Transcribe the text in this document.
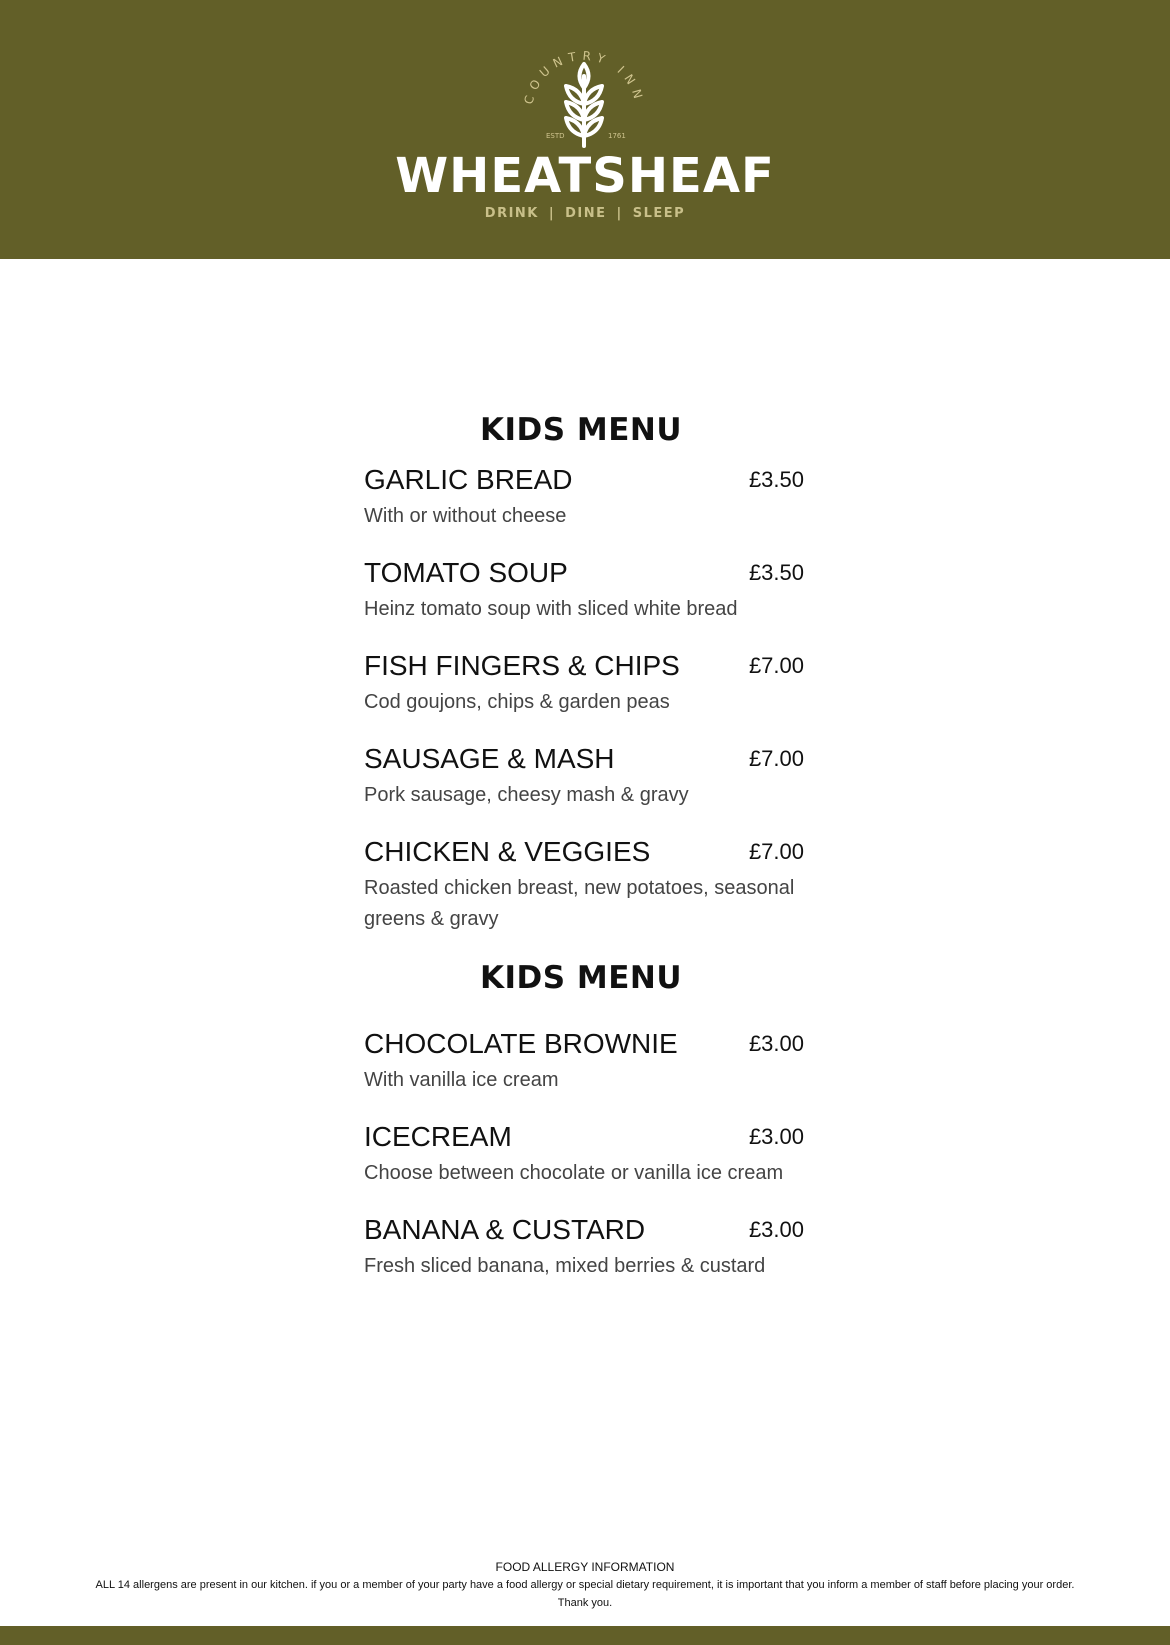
COUNTRY INN
ESTD	1761
WHEATSHEAF
DRINK | DINE | SLEEP
KIDS MENU
GARLIC BREAD	£3.50
With or without cheese
TOMATO SOUP	£3.50
Heinz tomato soup with sliced white bread
FISH FINGERS & CHIPS	£7.00
Cod goujons, chips & garden peas
SAUSAGE & MASH	£7.00
Pork sausage, cheesy mash & gravy
CHICKEN & VEGGIES	£7.00
Roasted chicken breast, new potatoes, seasonal greens & gravy
KIDS MENU
CHOCOLATE BROWNIE	£3.00
With vanilla ice cream
ICECREAM	£3.00
Choose between chocolate or vanilla ice cream
BANANA & CUSTARD	£3.00
Fresh sliced banana, mixed berries & custard
FOOD ALLERGY INFORMATION
ALL 14 allergens are present in our kitchen. if you or a member of your party have a food allergy or special dietary requirement, it is important that you inform a member of staff before placing your order.
Thank you.
